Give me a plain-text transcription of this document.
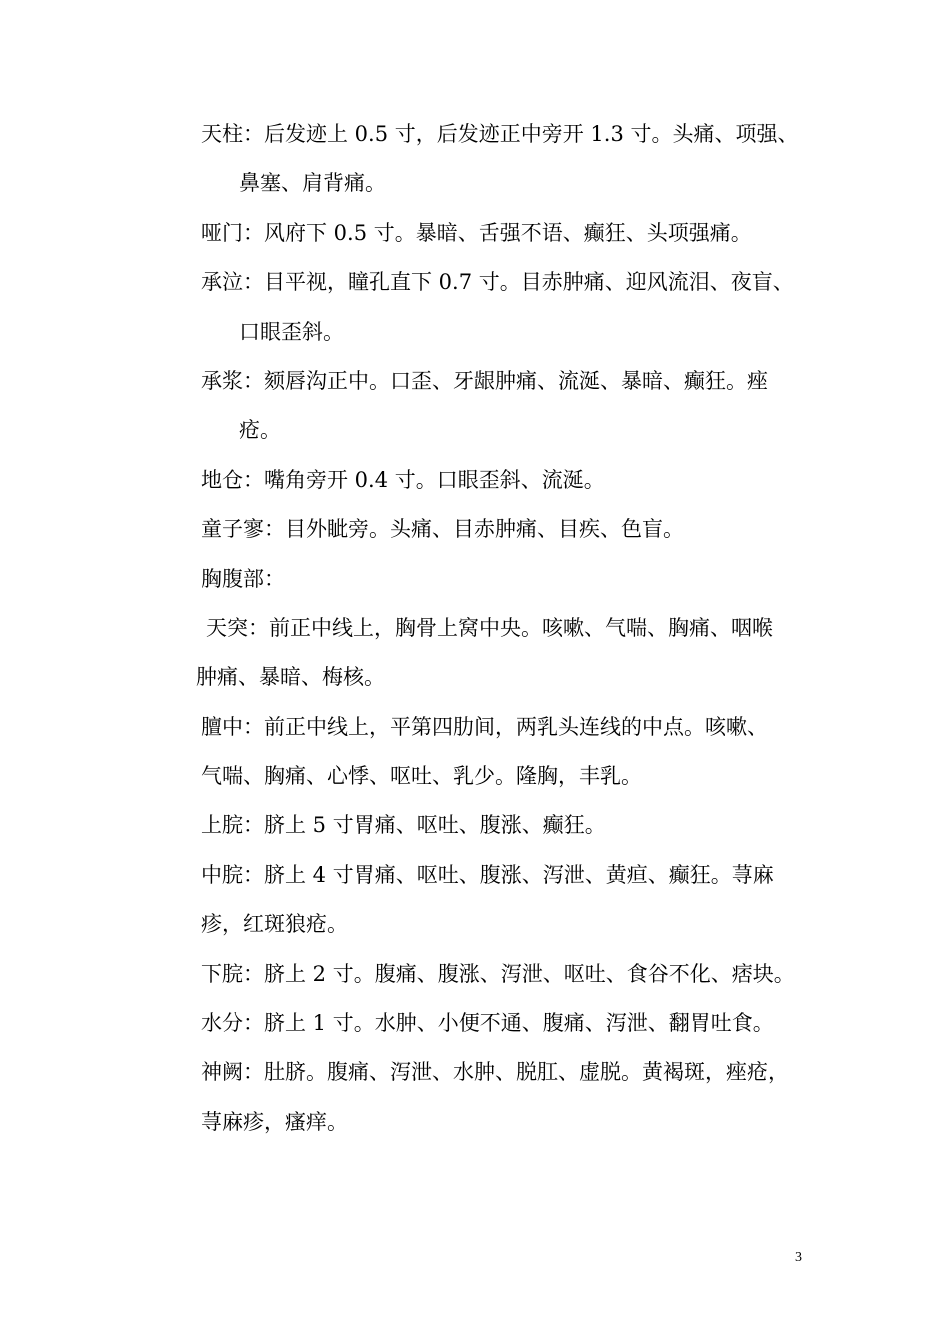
天柱：后发迹上 0.5 寸，后发迹正中旁开 1.3 寸。头痛、项强、
鼻塞、肩背痛。
哑门：风府下 0.5 寸。暴暗、舌强不语、癫狂、头项强痛。
承泣：目平视，瞳孔直下 0.7 寸。目赤肿痛、迎风流泪、夜盲、
口眼歪斜。
承浆：颏唇沟正中。口歪、牙龈肿痛、流涎、暴暗、癫狂。痤
疮。
地仓：嘴角旁开 0.4 寸。口眼歪斜、流涎。
童子寥：目外眦旁。头痛、目赤肿痛、目疾、色盲。
胸腹部：
天突：前正中线上，胸骨上窝中央。咳嗽、气喘、胸痛、咽喉
肿痛、暴暗、梅核。
膻中：前正中线上，平第四肋间，两乳头连线的中点。咳嗽、
气喘、胸痛、心悸、呕吐、乳少。隆胸，丰乳。
上脘：脐上 5 寸胃痛、呕吐、腹涨、癫狂。
中脘：脐上 4 寸胃痛、呕吐、腹涨、泻泄、黄疸、癫狂。荨麻
疹，红斑狼疮。
下脘：脐上 2 寸。腹痛、腹涨、泻泄、呕吐、食谷不化、痞块。
水分：脐上 1 寸。水肿、小便不通、腹痛、泻泄、翻胃吐食。
神阙：肚脐。腹痛、泻泄、水肿、脱肛、虚脱。黄褐斑，痤疮，
荨麻疹，瘙痒。
3
